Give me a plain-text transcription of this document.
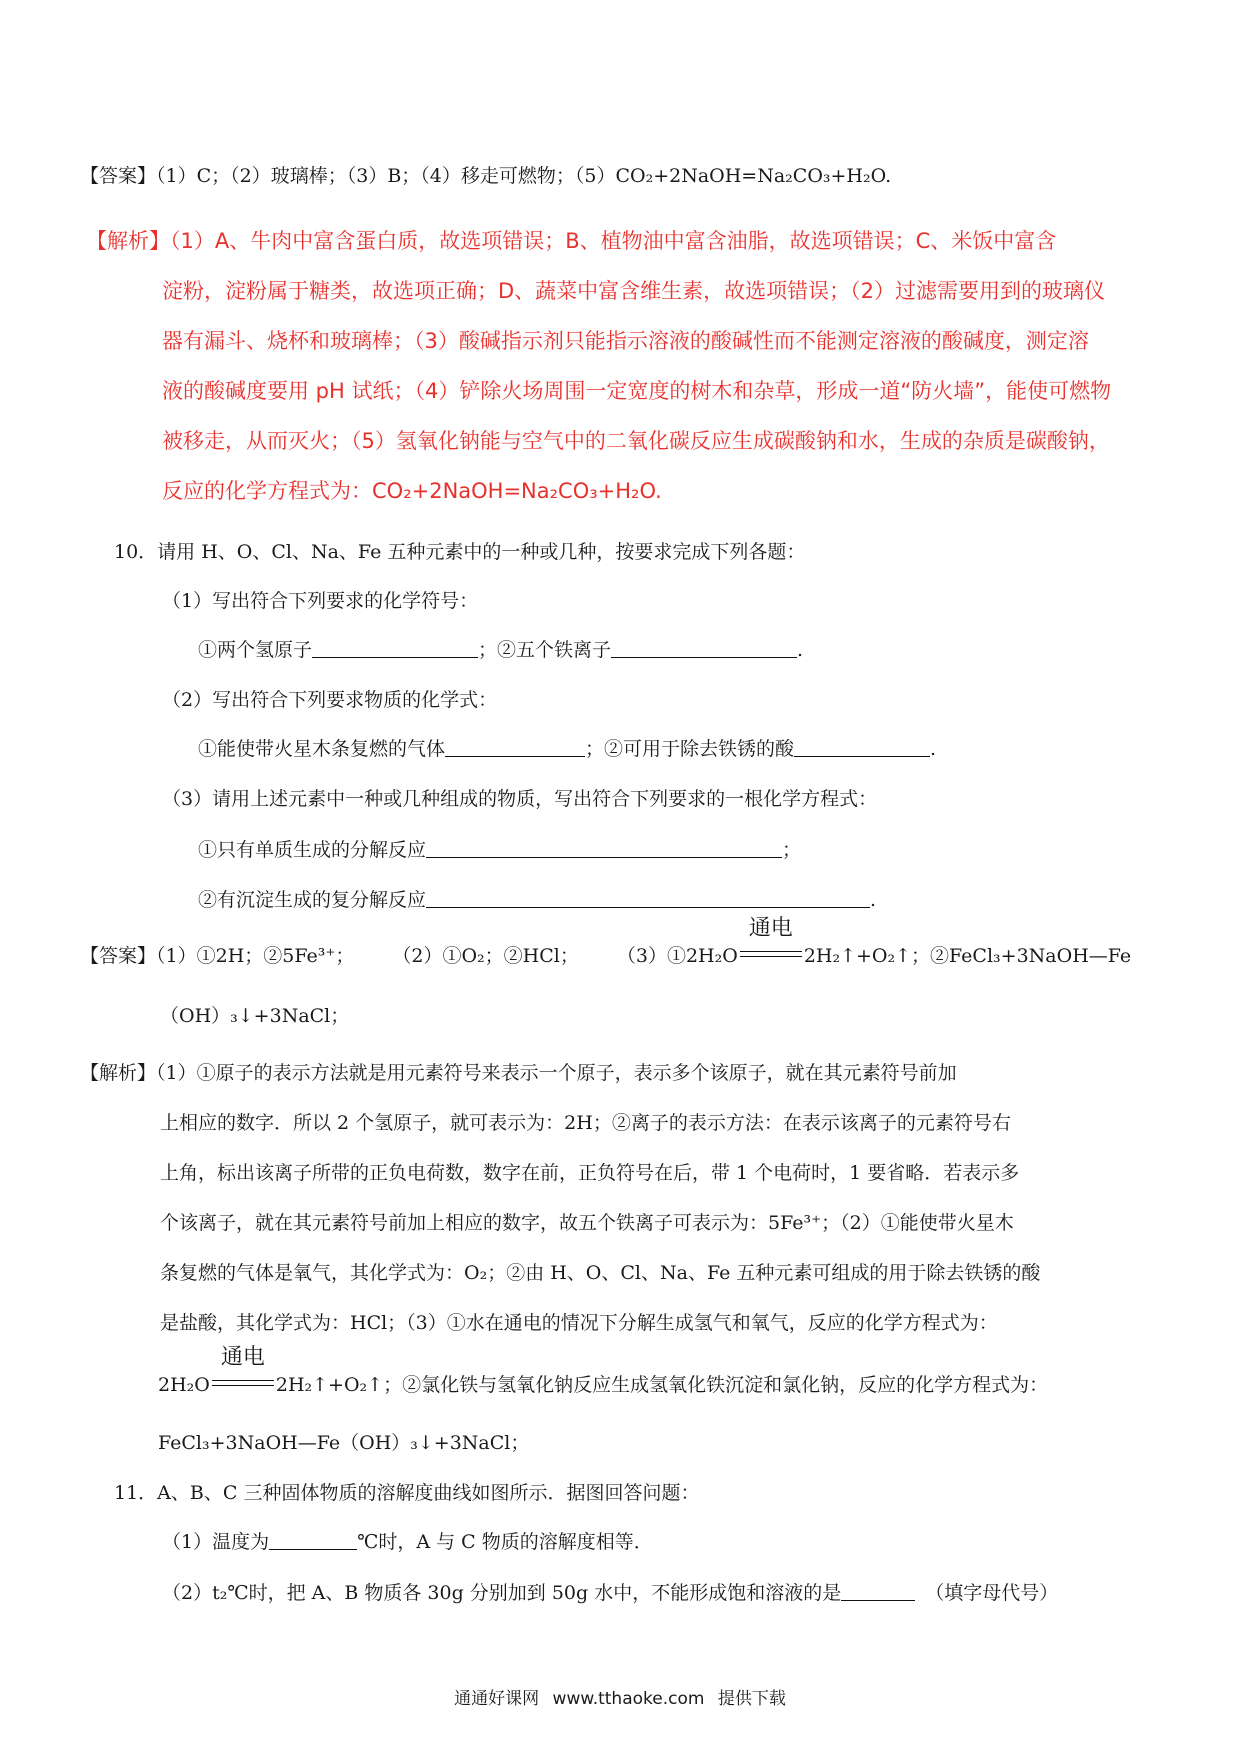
【答案】（1）C；（2）玻璃棒；（3）B；（4）移走可燃物；（5）CO₂+2NaOH=Na₂CO₃+H₂O.
【解析】（1）A、牛肉中富含蛋白质，故选项错误；B、植物油中富含油脂，故选项错误；C、米饭中富含
淀粉，淀粉属于糖类，故选项正确；D、蔬菜中富含维生素，故选项错误；（2）过滤需要用到的玻璃仪
器有漏斗、烧杯和玻璃棒；（3）酸碱指示剂只能指示溶液的酸碱性而不能测定溶液的酸碱度，测定溶
液的酸碱度要用 pH 试纸；（4）铲除火场周围一定宽度的树木和杂草，形成一道“防火墙”，能使可燃物
被移走，从而灭火；（5）氢氧化钠能与空气中的二氧化碳反应生成碳酸钠和水，生成的杂质是碳酸钠，
反应的化学方程式为：CO₂+2NaOH=Na₂CO₃+H₂O.
10．请用 H、O、Cl、Na、Fe 五种元素中的一种或几种，按要求完成下列各题：
（1）写出符合下列要求的化学符号：
①两个氢原子	；②五个铁离子	.
（2）写出符合下列要求物质的化学式：
①能使带火星木条复燃的气体	；②可用于除去铁锈的酸	.
（3）请用上述元素中一种或几种组成的物质，写出符合下列要求的一根化学方程式：
①只有单质生成的分解反应	；
②有沉淀生成的复分解反应	.
【答案】（1）①2H；②5Fe³⁺； （2）①O₂；②HCl； （3）①2H₂O
通电
2H₂↑+O₂↑；②FeCl₃+3NaOH—Fe
（OH）₃↓+3NaCl；
【解析】（1）①原子的表示方法就是用元素符号来表示一个原子，表示多个该原子，就在其元素符号前加
上相应的数字．所以 2 个氢原子，就可表示为：2H；②离子的表示方法：在表示该离子的元素符号右
上角，标出该离子所带的正负电荷数，数字在前，正负符号在后，带 1 个电荷时，1 要省略．若表示多
个该离子，就在其元素符号前加上相应的数字，故五个铁离子可表示为：5Fe³⁺；（2）①能使带火星木
条复燃的气体是氧气，其化学式为：O₂；②由 H、O、Cl、Na、Fe 五种元素可组成的用于除去铁锈的酸
是盐酸，其化学式为：HCl；（3）①水在通电的情况下分解生成氢气和氧气，反应的化学方程式为：
2H₂O
通电
2H₂↑+O₂↑；②氯化铁与氢氧化钠反应生成氢氧化铁沉淀和氯化钠，反应的化学方程式为：
FeCl₃+3NaOH—Fe（OH）₃↓+3NaCl；
11．A、B、C 三种固体物质的溶解度曲线如图所示．据图回答问题：
（1）温度为	℃时，A 与 C 物质的溶解度相等．
（2）t₂℃时，把 A、B 物质各 30g 分别加到 50g 水中，不能形成饱和溶液的是	（填字母代号）
通通好课网 www.tthaoke.com 提供下载
